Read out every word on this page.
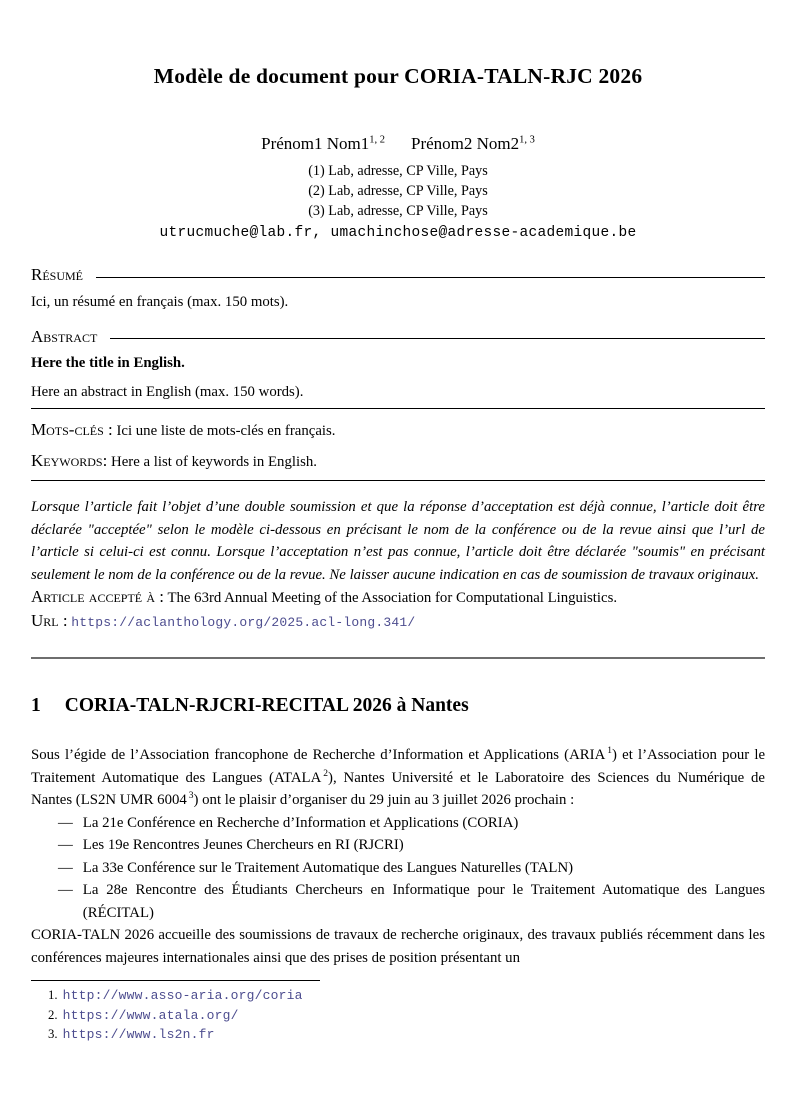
Modèle de document pour CORIA-TALN-RJC 2026
Prénom1 Nom1$^{1, 2}$ Prénom2 Nom2$^{1, 3}$
(1) Lab, adresse, CP Ville, Pays
(2) Lab, adresse, CP Ville, Pays
(3) Lab, adresse, CP Ville, Pays
utrucmuche@lab.fr, umachinchose@adresse-academique.be
Résumé
Ici, un résumé en français (max. 150 mots).
Abstract
Here the title in English.
Here an abstract in English (max. 150 words).
Mots-clés : Ici une liste de mots-clés en français.
Keywords: Here a list of keywords in English.
Lorsque l’article fait l’objet d’une double soumission et que la réponse d’acceptation est déjà connue, l’article doit être déclarée "acceptée" selon le modèle ci-dessous en précisant le nom de la conférence ou de la revue ainsi que l’url de l’article si celui-ci est connu. Lorsque l’acceptation n’est pas connue, l’article doit être déclarée "soumis" en précisant seulement le nom de la conférence ou de la revue. Ne laisser aucune indication en cas de soumission de travaux originaux.
Article accepté à : The 63rd Annual Meeting of the Association for Computational Linguistics.
Url : https://aclanthology.org/2025.acl-long.341/
1 CORIA-TALN-RJCRI-RECITAL 2026 à Nantes
Sous l’égide de l’Association francophone de Recherche d’Information et Applications (ARIA $^1$) et l’Association pour le Traitement Automatique des Langues (ATALA $^2$), Nantes Université et le Laboratoire des Sciences du Numérique de Nantes (LS2N UMR 6004 $^3$) ont le plaisir d’organiser du 29 juin au 3 juillet 2026 prochain :
— La 21e Conférence en Recherche d’Information et Applications (CORIA)
— Les 19e Rencontres Jeunes Chercheurs en RI (RJCRI)
— La 33e Conférence sur le Traitement Automatique des Langues Naturelles (TALN)
— La 28e Rencontre des Étudiants Chercheurs en Informatique pour le Traitement Automatique des Langues (RÉCITAL)
CORIA-TALN 2026 accueille des soumissions de travaux de recherche originaux, des travaux publiés récemment dans les conférences majeures internationales ainsi que des prises de position présentant un
1. http://www.asso-aria.org/coria
2. https://www.atala.org/
3. https://www.ls2n.fr
